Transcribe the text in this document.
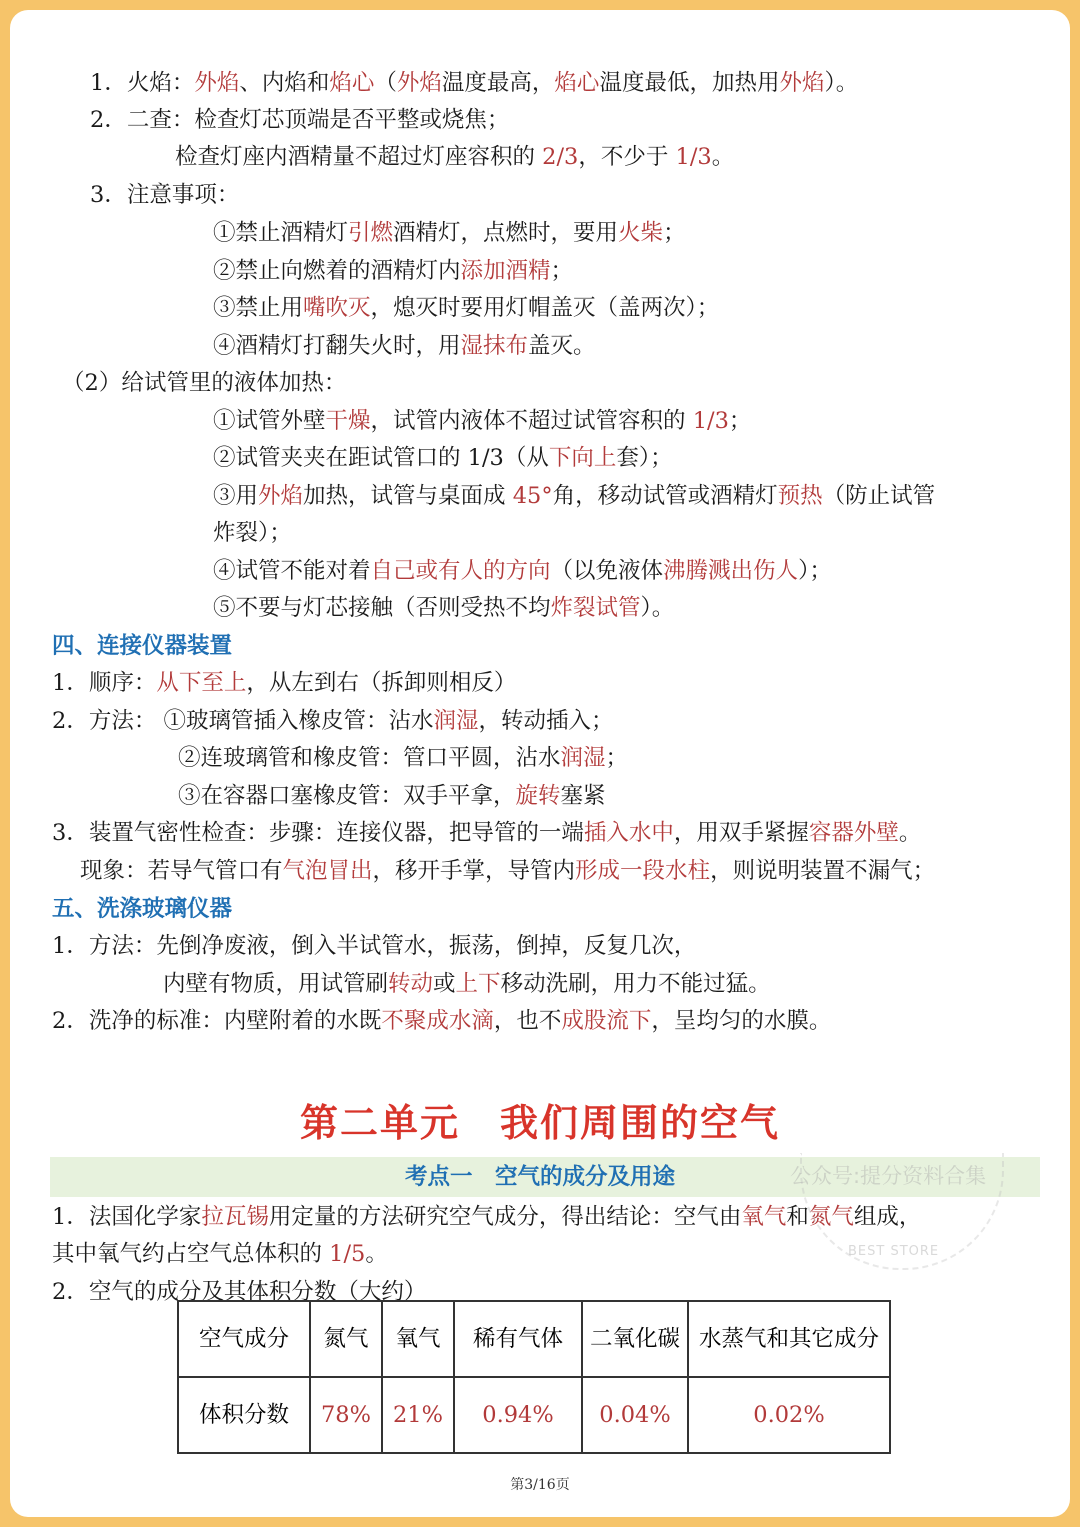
1．火焰：外焰、内焰和焰心（外焰温度最高，焰心温度最低，加热用外焰）。
2．二查：检查灯芯顶端是否平整或烧焦；
检查灯座内酒精量不超过灯座容积的 2/3，不少于 1/3。
3．注意事项：
①禁止酒精灯引燃酒精灯，点燃时，要用火柴；
②禁止向燃着的酒精灯内添加酒精；
③禁止用嘴吹灭，熄灭时要用灯帽盖灭（盖两次）；
④酒精灯打翻失火时，用湿抹布盖灭。
（2）给试管里的液体加热：
①试管外壁干燥，试管内液体不超过试管容积的 1/3；
②试管夹夹在距试管口的 1/3（从下向上套）；
③用外焰加热，试管与桌面成 45°角，移动试管或酒精灯预热（防止试管
炸裂）；
④试管不能对着自己或有人的方向（以免液体沸腾溅出伤人）；
⑤不要与灯芯接触（否则受热不均炸裂试管）。
四、连接仪器装置
1．顺序：从下至上，从左到右（拆卸则相反）
2．方法： ①玻璃管插入橡皮管：沾水润湿，转动插入；
②连玻璃管和橡皮管：管口平圆，沾水润湿；
③在容器口塞橡皮管：双手平拿，旋转塞紧
3．装置气密性检查：步骤：连接仪器，把导管的一端插入水中，用双手紧握容器外壁。
现象：若导气管口有气泡冒出，移开手掌，导管内形成一段水柱，则说明装置不漏气；
五、洗涤玻璃仪器
1．方法：先倒净废液，倒入半试管水，振荡，倒掉，反复几次，
内壁有物质，用试管刷转动或上下移动洗刷，用力不能过猛。
2．洗净的标准：内壁附着的水既不聚成水滴，也不成股流下，呈均匀的水膜。
第二单元　我们周围的空气
考点一　空气的成分及用途
1．法国化学家拉瓦锡用定量的方法研究空气成分，得出结论：空气由氧气和氮气组成，
其中氧气约占空气总体积的 1/5。
2．空气的成分及其体积分数（大约）
公众号:提分资料合集
BEST STORE
空气成分	氮气	氧气	稀有气体	二氧化碳	水蒸气和其它成分
体积分数	78%	21%	0.94%	0.04%	0.02%
第3/16页
